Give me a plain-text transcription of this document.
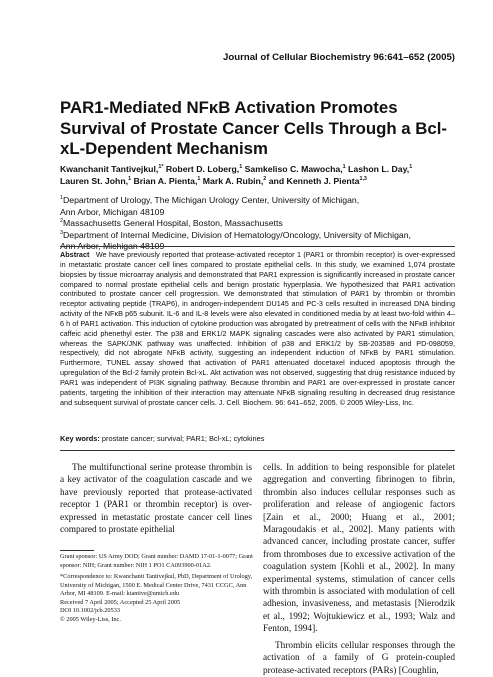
Journal of Cellular Biochemistry 96:641–652 (2005)
PAR1-Mediated NFκB Activation Promotes Survival of Prostate Cancer Cells Through a Bcl-xL-Dependent Mechanism
Kwanchanit Tantivejkul,$^{1*}$ Robert D. Loberg,$^1$ Samkeliso C. Mawocha,$^1$ Lashon L. Day,$^1$
Lauren St. John,$^1$ Brian A. Pienta,$^1$ Mark A. Rubin,$^2$ and Kenneth J. Pienta$^{1,3}$
$^1$Department of Urology, The Michigan Urology Center, University of Michigan,
Ann Arbor, Michigan 48109
$^2$Massachusetts General Hospital, Boston, Massachusetts
$^3$Department of Internal Medicine, Division of Hematology/Oncology, University of Michigan,
Ann Arbor, Michigan 48109
Abstract We have previously reported that protease-activated receptor 1 (PAR1 or thrombin receptor) is over-expressed in metastatic prostate cancer cell lines compared to prostate epithelial cells. In this study, we examined 1,074 prostate biopsies by tissue microarray analysis and demonstrated that PAR1 expression is significantly increased in prostate cancer compared to normal prostate epithelial cells and benign prostatic hyperplasia. We hypothesized that PAR1 activation contributed to prostate cancer cell progression. We demonstrated that stimulation of PAR1 by thrombin or thrombin receptor activating peptide (TRAP6), in androgen-independent DU145 and PC-3 cells resulted in increased DNA binding activity of the NFκB p65 subunit. IL-6 and IL-8 levels were also elevated in conditioned media by at least two-fold within 4–6 h of PAR1 activation. This induction of cytokine production was abrogated by pretreatment of cells with the NFκB inhibitor caffeic acid phenethyl ester. The p38 and ERK1/2 MAPK signaling cascades were also activated by PAR1 stimulation, whereas the SAPK/JNK pathway was unaffected. Inhibition of p38 and ERK1/2 by SB-203589 and PD-098059, respectively, did not abrogate NFκB activity, suggesting an independent induction of NFκB by PAR1 stimulation. Furthermore, TUNEL assay showed that activation of PAR1 attenuated docetaxel induced apoptosis through the upregulation of the Bcl-2 family protein Bcl-xL. Akt activation was not observed, suggesting that drug resistance induced by PAR1 was independent of PI3K signaling pathway. Because thrombin and PAR1 are over-expressed in prostate cancer patients, targeting the inhibition of their interaction may attenuate NFκB signaling resulting in decreased drug resistance and subsequent survival of prostate cancer cells. J. Cell. Biochem. 96: 641–652, 2005. © 2005 Wiley-Liss, Inc.
Key words: prostate cancer; survival; PAR1; Bcl-xL; cytokines

The multifunctional serine protease thrombin is a key activator of the coagulation cascade and we have previously reported that protease-activated receptor 1 (PAR1 or thrombin receptor) is over-expressed in metastatic prostate cancer cell lines compared to prostate epithelial

Grant sponsor: US Army DOD; Grant number: DAMD 17-01-1-0077; Grant sponsor: NIH; Grant number: NIH 1 PO1 CA093900-01A2.

*Correspondence to: Kwanchanit Tantivejkul, PhD, Department of Urology, University of Michigan, 1500 E. Medical Center Drive, 7431 CCGC, Ann Arbor, MI 48109. E-mail: ktantive@umich.edu

Received 7 April 2005; Accepted 25 April 2005

DOI 10.1002/jcb.20533

© 2005 Wiley-Liss, Inc.

cells. In addition to being responsible for platelet aggregation and converting fibrinogen to fibrin, thrombin also induces cellular responses such as proliferation and release of angiogenic factors [Zain et al., 2000; Huang et al., 2001; Maragoudakis et al., 2002]. Many patients with advanced cancer, including prostate cancer, suffer from thromboses due to excessive activation of the coagulation system [Kohli et al., 2002]. In many experimental systems, stimulation of cancer cells with thrombin is associated with modulation of cell adhesion, invasiveness, and metastasis [Nierodzik et al., 1992; Wojtukiewicz et al., 1993; Walz and Fenton, 1994].

Thrombin elicits cellular responses through the activation of a family of G protein-coupled protease-activated receptors (PARs) [Coughlin,
